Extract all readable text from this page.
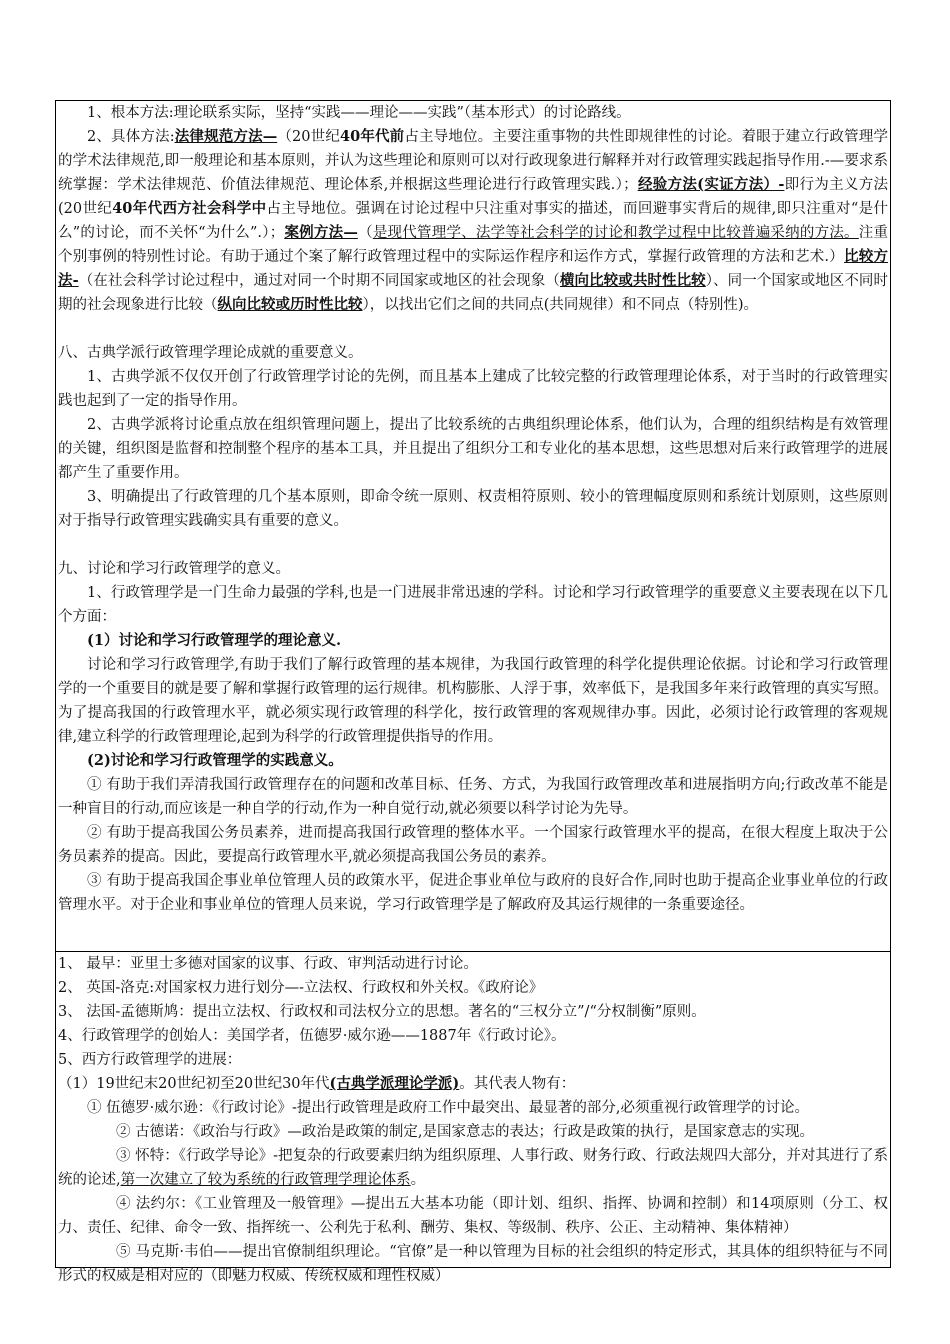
1、根本方法:理论联系实际，坚持“实践——理论——实践”（基本形式）的讨论路线。

2、具体方法:法律规范方法—（20世纪40年代前占主导地位。主要注重事物的共性即规律性的讨论。着眼于建立行政管理学的学术法律规范,即一般理论和基本原则，并认为这些理论和原则可以对行政现象进行解释并对行政管理实践起指导作用.-—要求系统掌握：学术法律规范、价值法律规范、理论体系,并根据这些理论进行行政管理实践.）；经验方法(实证方法）-即行为主义方法(20世纪40年代西方社会科学中占主导地位。强调在讨论过程中只注重对事实的描述，而回避事实背后的规律,即只注重对“是什么”的讨论，而不关怀“为什么”.）；案例方法—（是现代管理学、法学等社会科学的讨论和教学过程中比较普遍采纳的方法。注重个别事例的特别性讨论。有助于通过个案了解行政管理过程中的实际运作程序和运作方式，掌握行政管理的方法和艺术.）比较方法-（在社会科学讨论过程中，通过对同一个时期不同国家或地区的社会现象（横向比较或共时性比较）、同一个国家或地区不同时期的社会现象进行比较（纵向比较或历时性比较），以找出它们之间的共同点(共同规律）和不同点（特别性)。

八、古典学派行政管理学理论成就的重要意义。

1、古典学派不仅仅开创了行政管理学讨论的先例，而且基本上建成了比较完整的行政管理理论体系，对于当时的行政管理实践也起到了一定的指导作用。

2、古典学派将讨论重点放在组织管理问题上，提出了比较系统的古典组织理论体系，他们认为，合理的组织结构是有效管理的关键，组织图是监督和控制整个程序的基本工具，并且提出了组织分工和专业化的基本思想，这些思想对后来行政管理学的进展都产生了重要作用。

3、明确提出了行政管理的几个基本原则，即命令统一原则、权责相符原则、较小的管理幅度原则和系统计划原则，这些原则对于指导行政管理实践确实具有重要的意义。

九、讨论和学习行政管理学的意义。

1、行政管理学是一门生命力最强的学科,也是一门进展非常迅速的学科。讨论和学习行政管理学的重要意义主要表现在以下几个方面：

(1）讨论和学习行政管理学的理论意义.

讨论和学习行政管理学,有助于我们了解行政管理的基本规律，为我国行政管理的科学化提供理论依据。讨论和学习行政管理学的一个重要目的就是要了解和掌握行政管理的运行规律。机构膨胀、人浮于事，效率低下，是我国多年来行政管理的真实写照。为了提高我国的行政管理水平，就必须实现行政管理的科学化，按行政管理的客观规律办事。因此，必须讨论行政管理的客观规律,建立科学的行政管理理论,起到为科学的行政管理提供指导的作用。

(2)讨论和学习行政管理学的实践意义。

① 有助于我们弄清我国行政管理存在的问题和改革目标、任务、方式，为我国行政管理改革和进展指明方向;行政改革不能是一种盲目的行动,而应该是一种自学的行动,作为一种自觉行动,就必须要以科学讨论为先导。

② 有助于提高我国公务员素养，进而提高我国行政管理的整体水平。一个国家行政管理水平的提高，在很大程度上取决于公务员素养的提高。因此，要提高行政管理水平,就必须提高我国公务员的素养。

③ 有助于提高我国企事业单位管理人员的政策水平，促进企事业单位与政府的良好合作,同时也助于提高企业事业单位的行政管理水平。对于企业和事业单位的管理人员来说，学习行政管理学是了解政府及其运行规律的一条重要途径。

1、 最早：亚里士多德对国家的议事、行政、审判活动进行讨论。

2、 英国-洛克:对国家权力进行划分—-立法权、行政权和外关权。《政府论》

3、 法国-孟德斯鸠：提出立法权、行政权和司法权分立的思想。著名的“三权分立”/“分权制衡”原则。

4、行政管理学的创始人：美国学者，伍德罗·威尔逊——1887年《行政讨论》。

5、西方行政管理学的进展：

（1）19世纪末20世纪初至20世纪30年代(古典学派理论学派)。其代表人物有：

① 伍德罗·威尔逊：《行政讨论》-提出行政管理是政府工作中最突出、最显著的部分,必须重视行政管理学的讨论。

② 古德诺：《政治与行政》—政治是政策的制定,是国家意志的表达；行政是政策的执行，是国家意志的实现。

③ 怀特：《行政学导论》-把复杂的行政要素归纳为组织原理、人事行政、财务行政、行政法规四大部分，并对其进行了系统的论述,第一次建立了较为系统的行政管理学理论体系。

④ 法约尔：《工业管理及一般管理》—提出五大基本功能（即计划、组织、指挥、协调和控制）和14项原则（分工、权力、责任、纪律、命令一致、指挥统一、公利先于私利、酬劳、集权、等级制、秩序、公正、主动精神、集体精神）

⑤ 马克斯·韦伯——提出官僚制组织理论。“官僚”是一种以管理为目标的社会组织的特定形式，其具体的组织特征与不同形式的权威是相对应的（即魅力权威、传统权威和理性权威）
